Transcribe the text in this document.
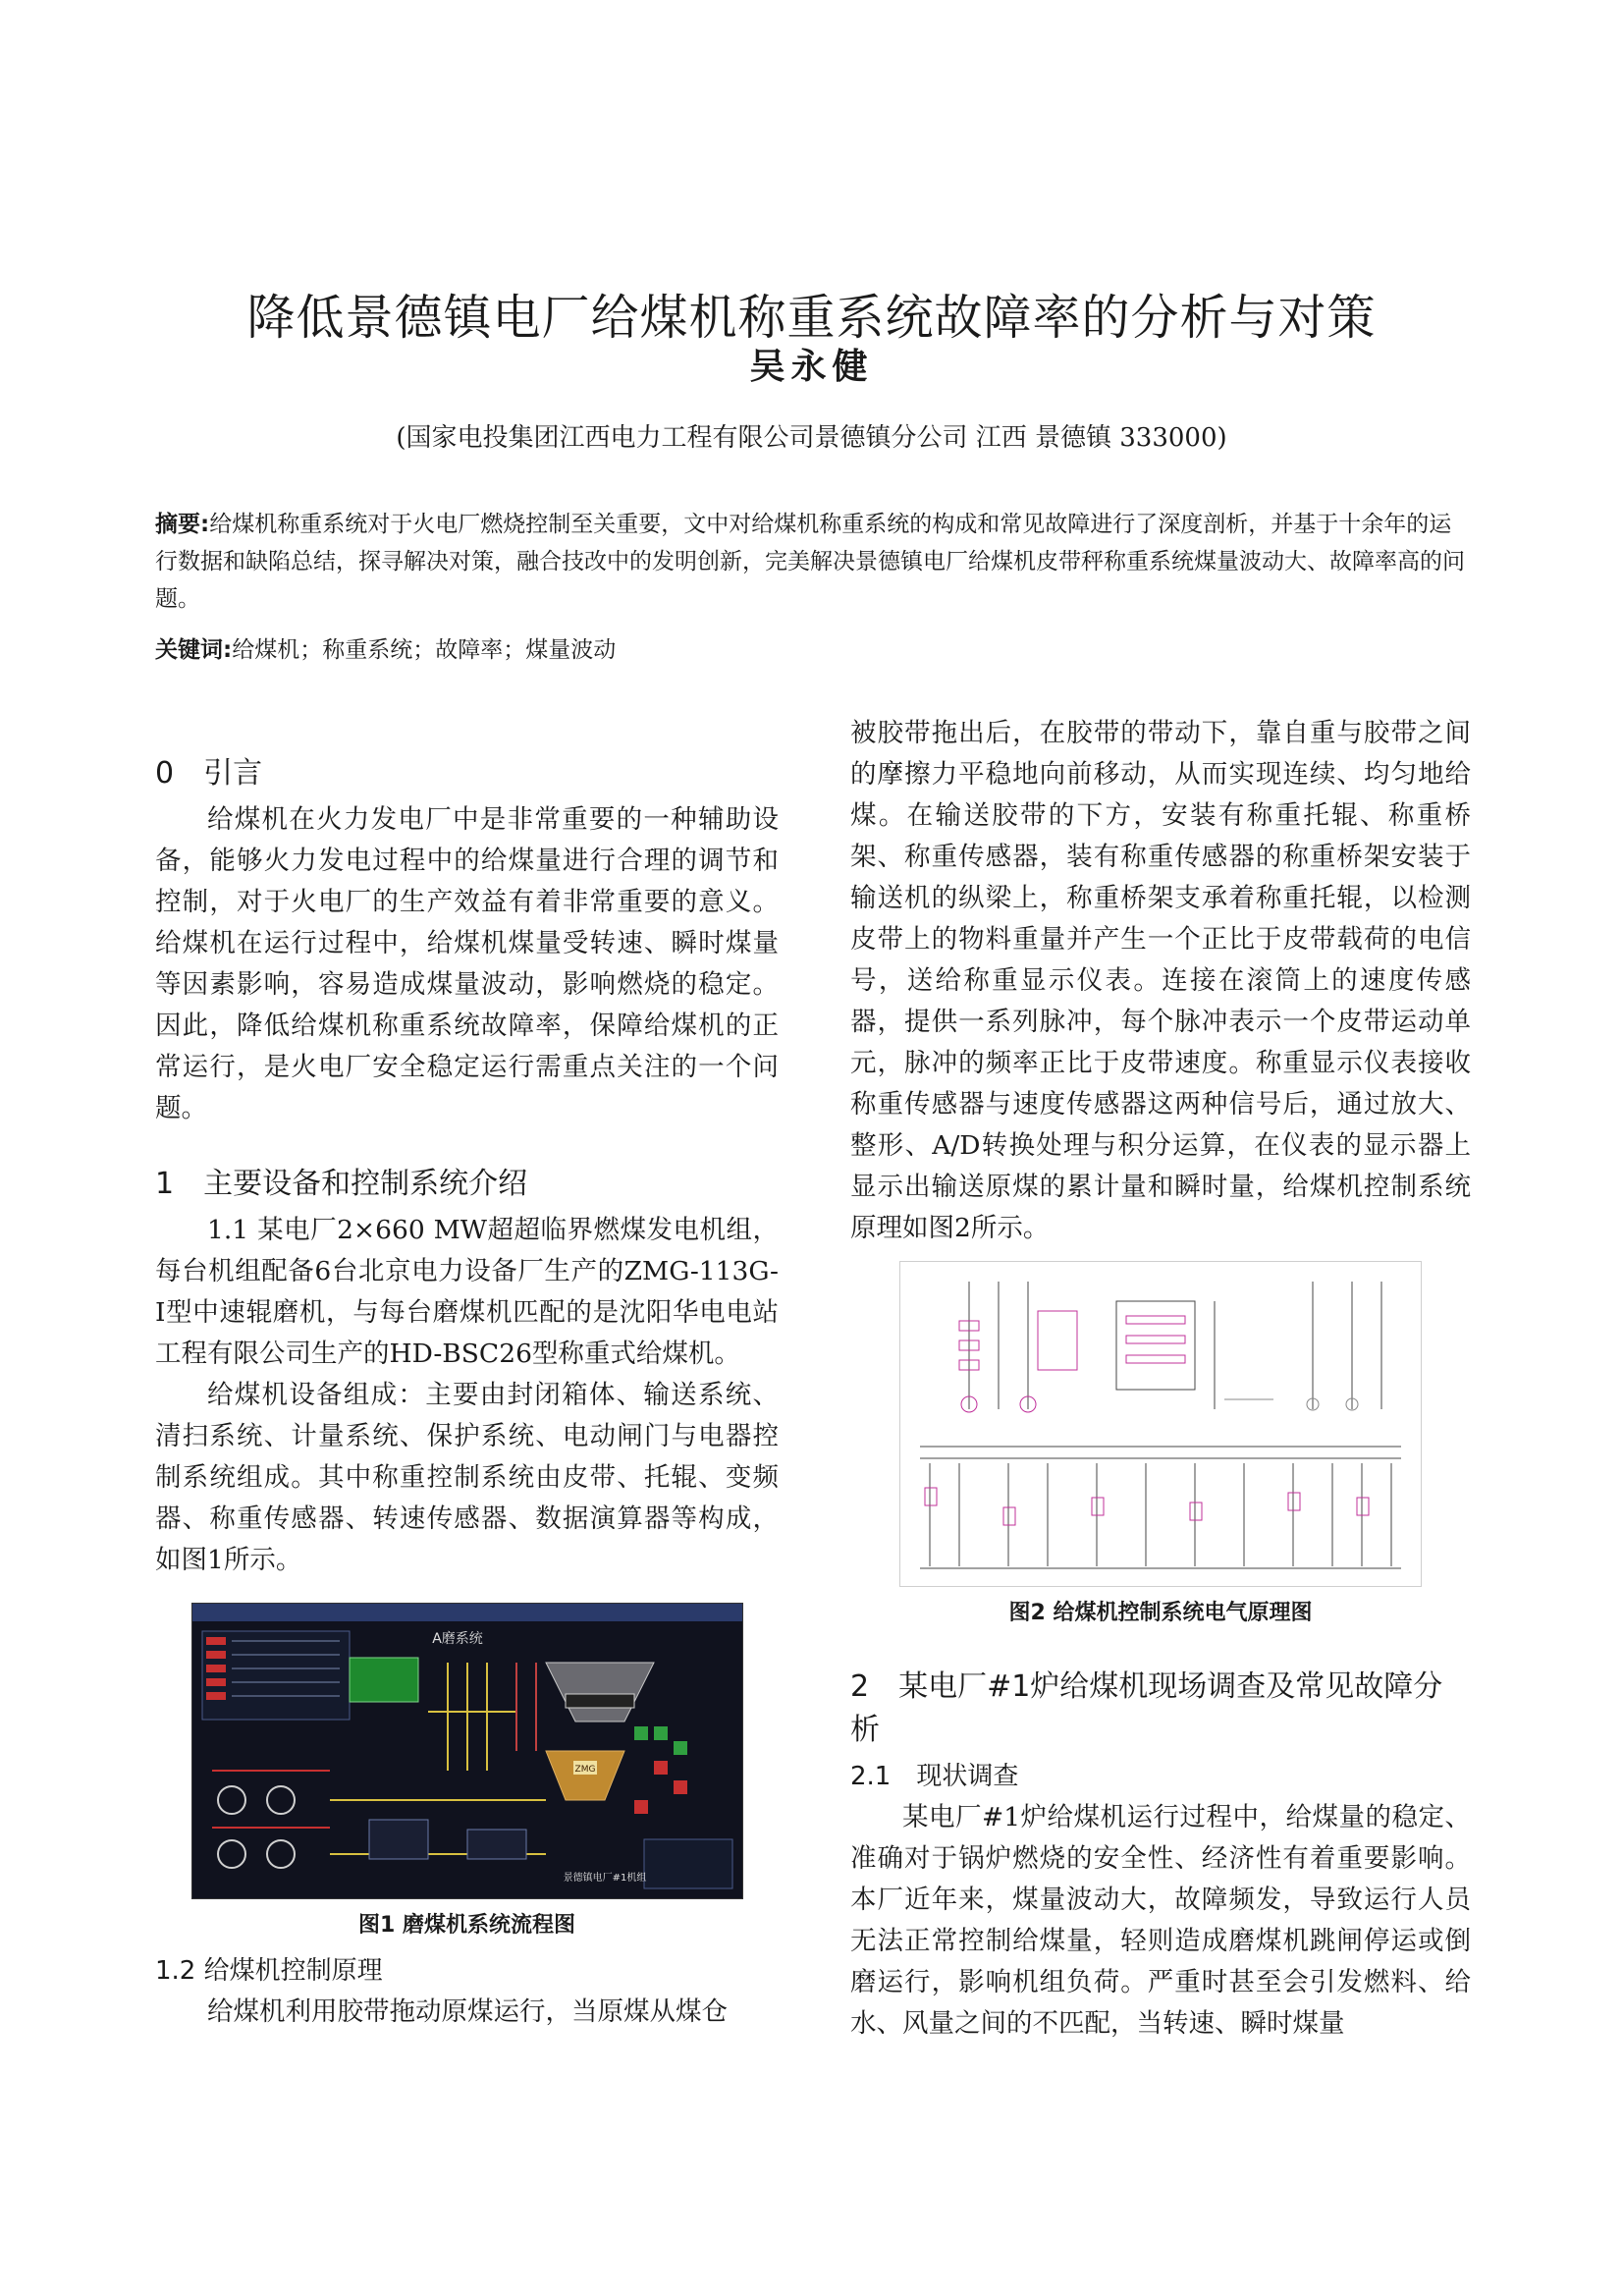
降低景德镇电厂给煤机称重系统故障率的分析与对策
吴永健
(国家电投集团江西电力工程有限公司景德镇分公司 江西 景德镇 333000)
摘要:给煤机称重系统对于火电厂燃烧控制至关重要，文中对给煤机称重系统的构成和常见故障进行了深度剖析，并基于十余年的运行数据和缺陷总结，探寻解决对策，融合技改中的发明创新，完美解决景德镇电厂给煤机皮带秤称重系统煤量波动大、故障率高的问题。
关键词:给煤机；称重系统；故障率；煤量波动
0　引言

给煤机在火力发电厂中是非常重要的一种辅助设备，能够火力发电过程中的给煤量进行合理的调节和控制，对于火电厂的生产效益有着非常重要的意义。给煤机在运行过程中，给煤机煤量受转速、瞬时煤量等因素影响，容易造成煤量波动，影响燃烧的稳定。因此，降低给煤机称重系统故障率，保障给煤机的正常运行，是火电厂安全稳定运行需重点关注的一个问题。

1　主要设备和控制系统介绍

1.1 某电厂2×660 MW超超临界燃煤发电机组，每台机组配备6台北京电力设备厂生产的ZMG-113G-I型中速辊磨机，与每台磨煤机匹配的是沈阳华电电站工程有限公司生产的HD-BSC26型称重式给煤机。

给煤机设备组成：主要由封闭箱体、输送系统、清扫系统、计量系统、保护系统、电动闸门与电器控制系统组成。其中称重控制系统由皮带、托辊、变频器、称重传感器、转速传感器、数据演算器等构成，如图1所示。

A磨系统
ZMG
景德镇电厂#1机组
图1 磨煤机系统流程图
1.2 给煤机控制原理

给煤机利用胶带拖动原煤运行，当原煤从煤仓

被胶带拖出后，在胶带的带动下，靠自重与胶带之间的摩擦力平稳地向前移动，从而实现连续、均匀地给煤。在输送胶带的下方，安装有称重托辊、称重桥架、称重传感器，装有称重传感器的称重桥架安装于输送机的纵梁上，称重桥架支承着称重托辊，以检测皮带上的物料重量并产生一个正比于皮带载荷的电信号，送给称重显示仪表。连接在滚筒上的速度传感器，提供一系列脉冲，每个脉冲表示一个皮带运动单元，脉冲的频率正比于皮带速度。称重显示仪表接收称重传感器与速度传感器这两种信号后，通过放大、整形、A/D转换处理与积分运算，在仪表的显示器上显示出输送原煤的累计量和瞬时量，给煤机控制系统原理如图2所示。

图2 给煤机控制系统电气原理图
2　某电厂#1炉给煤机现场调查及常见故障分析
2.1　现状调查

某电厂#1炉给煤机运行过程中，给煤量的稳定、准确对于锅炉燃烧的安全性、经济性有着重要影响。本厂近年来，煤量波动大，故障频发，导致运行人员无法正常控制给煤量，轻则造成磨煤机跳闸停运或倒磨运行，影响机组负荷。严重时甚至会引发燃料、给水、风量之间的不匹配，当转速、瞬时煤量
